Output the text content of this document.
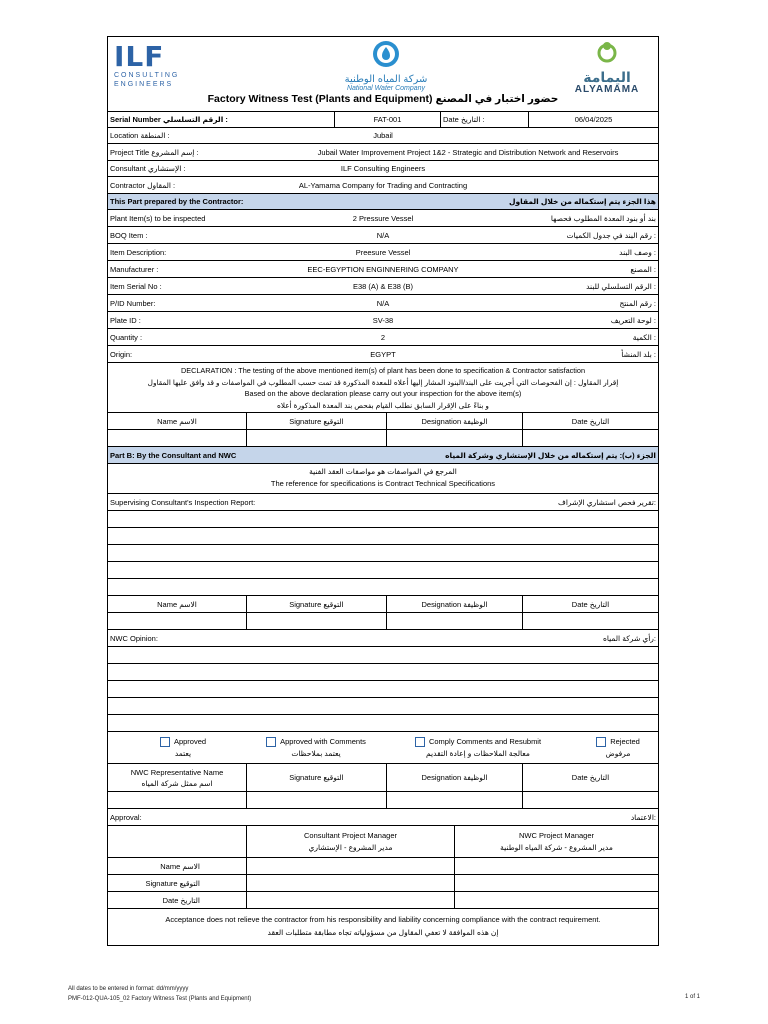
ILF
CONSULTING
ENGINEERS	شركة المياه الوطنية
National Water Company
اليمامة
ALYAMAMA
Factory Witness Test (Plants and Equipment) حضور اختبار في المصنع
Serial Number الرقم التسلسلي :	FAT-001	Date التاريخ :	06/04/2025
Location المنطقة :	Jubail
Project Title إسم المشروع :	Jubail Water Improvement Project 1&2 - Strategic and Distribution Network and Reservoirs
Consultant الإستشاري :	ILF Consulting Engineers
Contractor المقاول :	AL-Yamama Company for Trading and Contracting
This Part prepared by the Contractor:	هذا الجزء يتم إستكماله من خلال المقاول
Plant Item(s) to be inspected	2 Pressure Vessel	بند أو بنود المعدة المطلوب فحصها
BOQ Item :	N/A	رقم البند في جدول الكميات :
Item Description:	Preesure Vessel	وصف البند :
Manufacturer :	EEC-EGYPTION ENGINNERING COMPANY	المصنع :
Item Serial No :	E38 (A) & E38 (B)	الرقم التسلسلي للبند :
P/ID Number:	N/A	رقم المنتج :
Plate ID :	SV-38	لوحة التعريف :
Quantity :	2	الكمية :
Origin:	EGYPT	بلد المنشأ :
DECLARATION : The testing of the above mentioned item(s) of plant has been done to specification & Contractor satisfaction
إقرار المقاول : إن الفحوصات التي أجريت على البند/البنود المشار إليها أعلاه للمعدة المذكورة قد تمت حسب المطلوب في المواصفات و قد وافق عليها المقاول
Based on the above declaration please carry out your inspection for the above item(s)
و بناءً على الإقرار السابق نطلب القيام بفحص بند المعدة المذكورة أعلاه
Name الاسم	Signature التوقيع	Designation الوظيفة	Date التاريخ
Part B: By the Consultant and NWC	الجزء (ب): يتم إستكماله من خلال الإستشاري وشركة المياه
المرجع في المواصفات هو مواصفات العقد الفنية
The reference for specifications is Contract Technical Specifications
Supervising Consultant's Inspection Report:	تقرير فحص استشاري الإشراف:
Name الاسم	Signature التوقيع	Designation الوظيفة	Date التاريخ
NWC Opinion:	رأي شركة المياه:
Approved
يعتمد
Approved with Comments
يعتمد بملاحظات
Comply Comments and Resubmit
معالجة الملاحظات و إعادة التقديم
Rejected
مرفوض
NWC Representative Name
اسم ممثل شركة المياه
Signature التوقيع	Designation الوظيفة	Date التاريخ
Approval:	الاعتماد:
Consultant Project Manager
مدير المشروع - الإستشاري
NWC Project Manager
مدير المشروع - شركة المياه الوطنية
Name الاسم
Signature التوقيع
Date التاريخ
Acceptance does not relieve the contractor from his responsibility and liability concerning compliance with the contract requirement.
إن هذه الموافقة لا تعفي المقاول من مسؤولياته تجاه مطابقة متطلبات العقد
All dates to be entered in format: dd/mm/yyyy
PMF-012-QUA-105_02 Factory Witness Test (Plants and Equipment)	1 of 1
